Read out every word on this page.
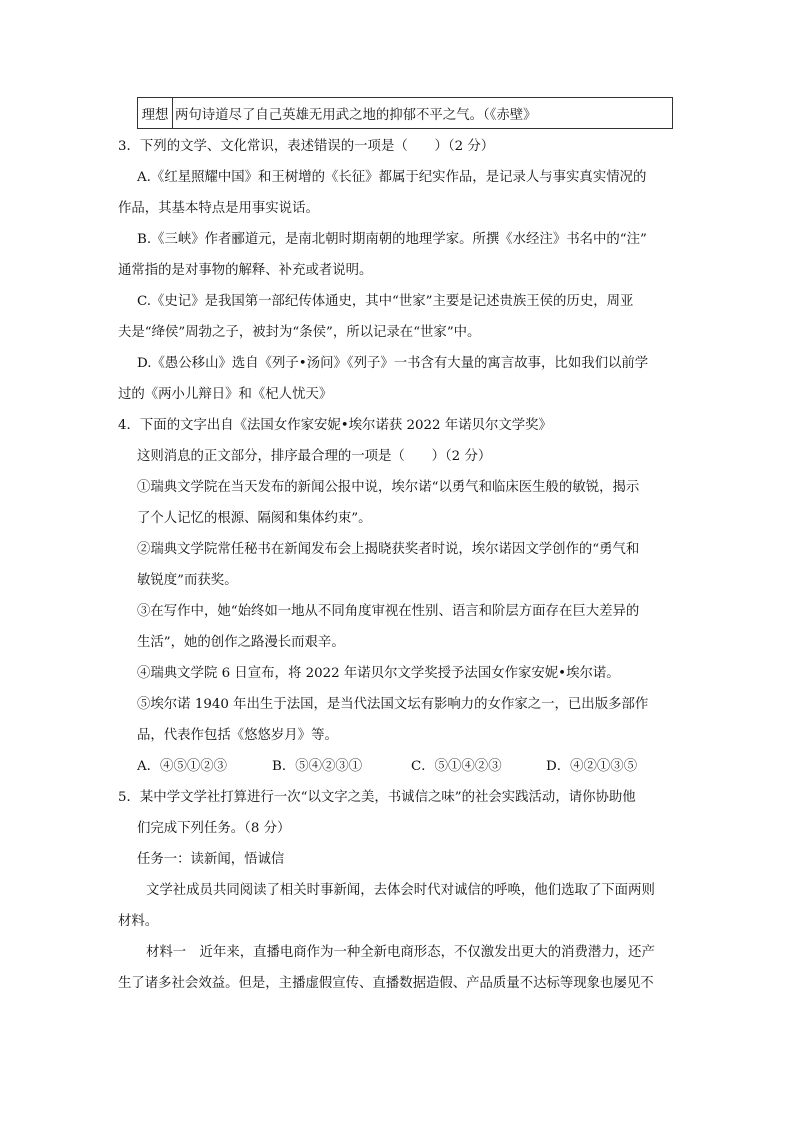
理想 两句诗道尽了自己英雄无用武之地的抑郁不平之气。（《赤壁》
3．下列的文学、文化常识，表述错误的一项是（　　）（2 分）
A.《红星照耀中国》和王树增的《长征》都属于纪实作品，是记录人与事实真实情况的
作品，其基本特点是用事实说话。
B.《三峡》作者郦道元，是南北朝时期南朝的地理学家。所撰《水经注》书名中的“注”
通常指的是对事物的解释、补充或者说明。
C.《史记》是我国第一部纪传体通史，其中“世家”主要是记述贵族王侯的历史，周亚
夫是“绛侯”周勃之子，被封为“条侯”，所以记录在“世家”中。
D.《愚公移山》选自《列子•汤问》《列子》一书含有大量的寓言故事，比如我们以前学
过的《两小儿辩日》和《杞人忧天》
4．下面的文字出自《法国女作家安妮•埃尔诺获 2022 年诺贝尔文学奖》
这则消息的正文部分，排序最合理的一项是（　　）（2 分）
①瑞典文学院在当天发布的新闻公报中说，埃尔诺“以勇气和临床医生般的敏锐，揭示
了个人记忆的根源、隔阂和集体约束”。
②瑞典文学院常任秘书在新闻发布会上揭晓获奖者时说，埃尔诺因文学创作的“勇气和
敏锐度”而获奖。
③在写作中，她“始终如一地从不同角度审视在性别、语言和阶层方面存在巨大差异的
生活”，她的创作之路漫长而艰辛。
④瑞典文学院 6 日宣布，将 2022 年诺贝尔文学奖授予法国女作家安妮•埃尔诺。
⑤埃尔诺 1940 年出生于法国，是当代法国文坛有影响力的女作家之一，已出版多部作
品，代表作包括《悠悠岁月》等。
A．④⑤①②③	B．⑤④②③①	C．⑤①④②③	D．④②①③⑤
5．某中学文学社打算进行一次“以文字之美，书诚信之味”的社会实践活动，请你协助他
们完成下列任务。（8 分）
任务一：读新闻，悟诚信
文学社成员共同阅读了相关时事新闻，去体会时代对诚信的呼唤，他们选取了下面两则
材料。
材料一　近年来，直播电商作为一种全新电商形态，不仅激发出更大的消费潜力，还产
生了诸多社会效益。但是，主播虚假宣传、直播数据造假、产品质量不达标等现象也屡见不
